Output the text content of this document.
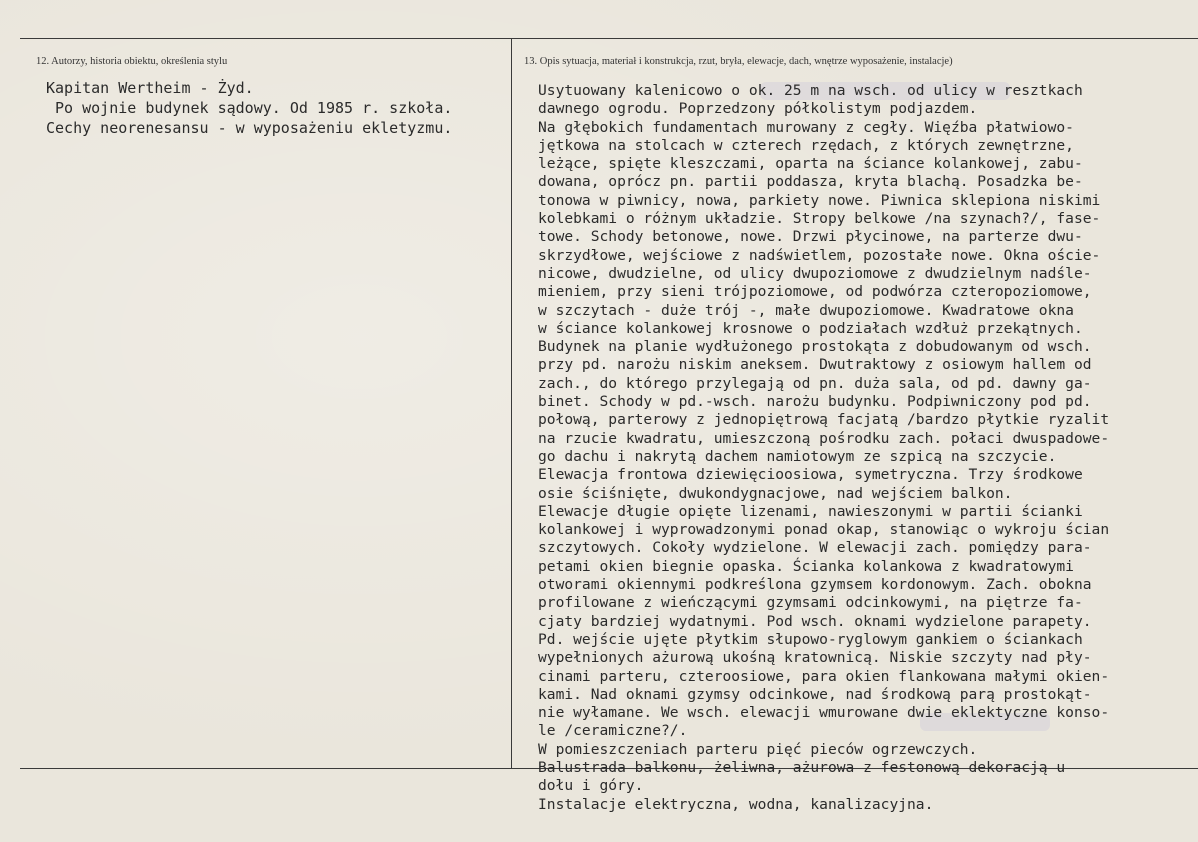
12. Autorzy, historia obiektu, określenia stylu	13. Opis sytuacja, materiał i konstrukcja, rzut, bryła, elewacje, dach, wnętrze wyposażenie, instalacje)
Kapitan Wertheim - Żyd.
Po wojnie budynek sądowy. Od 1985 r. szkoła.
Cechy neorenesansu - w wyposażeniu ekletyzmu.
Usytuowany kalenicowo o ok. 25 m na wsch. od ulicy w resztkach
dawnego ogrodu. Poprzedzony półkolistym podjazdem.
Na głębokich fundamentach murowany z cegły. Więźba płatwiowo-
jętkowa na stolcach w czterech rzędach, z których zewnętrzne,
leżące, spięte kleszczami, oparta na ściance kolankowej, zabu-
dowana, oprócz pn. partii poddasza, kryta blachą. Posadzka be-
tonowa w piwnicy, nowa, parkiety nowe. Piwnica sklepiona niskimi
kolebkami o różnym układzie. Stropy belkowe /na szynach?/, fase-
towe. Schody betonowe, nowe. Drzwi płycinowe, na parterze dwu-
skrzydłowe, wejściowe z nadświetlem, pozostałe nowe. Okna oście-
nicowe, dwudzielne, od ulicy dwupoziomowe z dwudzielnym nadśle-
mieniem, przy sieni trójpoziomowe, od podwórza czteropoziomowe,
w szczytach - duże trój -, małe dwupoziomowe. Kwadratowe okna
w ściance kolankowej krosnowe o podziałach wzdłuż przekątnych.
Budynek na planie wydłużonego prostokąta z dobudowanym od wsch.
przy pd. narożu niskim aneksem. Dwutraktowy z osiowym hallem od
zach., do którego przylegają od pn. duża sala, od pd. dawny ga-
binet. Schody w pd.-wsch. narożu budynku. Podpiwniczony pod pd.
połową, parterowy z jednopiętrową facjatą /bardzo płytkie ryzalit
na rzucie kwadratu, umieszczoną pośrodku zach. połaci dwuspadowe-
go dachu i nakrytą dachem namiotowym ze szpicą na szczycie.
Elewacja frontowa dziewięcioosiowa, symetryczna. Trzy środkowe
osie ściśnięte, dwukondygnacjowe, nad wejściem balkon.
Elewacje długie opięte lizenami, nawieszonymi w partii ścianki
kolankowej i wyprowadzonymi ponad okap, stanowiąc o wykroju ścian
szczytowych. Cokoły wydzielone. W elewacji zach. pomiędzy para-
petami okien biegnie opaska. Ścianka kolankowa z kwadratowymi
otworami okiennymi podkreślona gzymsem kordonowym. Zach. obokna
profilowane z wieńczącymi gzymsami odcinkowymi, na piętrze fa-
cjaty bardziej wydatnymi. Pod wsch. oknami wydzielone parapety.
Pd. wejście ujęte płytkim słupowo-ryglowym gankiem o ściankach
wypełnionych ażurową ukośną kratownicą. Niskie szczyty nad pły-
cinami parteru, czteroosiowe, para okien flankowana małymi okien-
kami. Nad oknami gzymsy odcinkowe, nad środkową parą prostokąt-
nie wyłamane. We wsch. elewacji wmurowane dwie eklektyczne konso-
le /ceramiczne?/.
W pomieszczeniach parteru pięć pieców ogrzewczych.
Balustrada balkonu, żeliwna, ażurowa z festonową dekoracją u
dołu i góry.
Instalacje elektryczna, wodna, kanalizacyjna.
